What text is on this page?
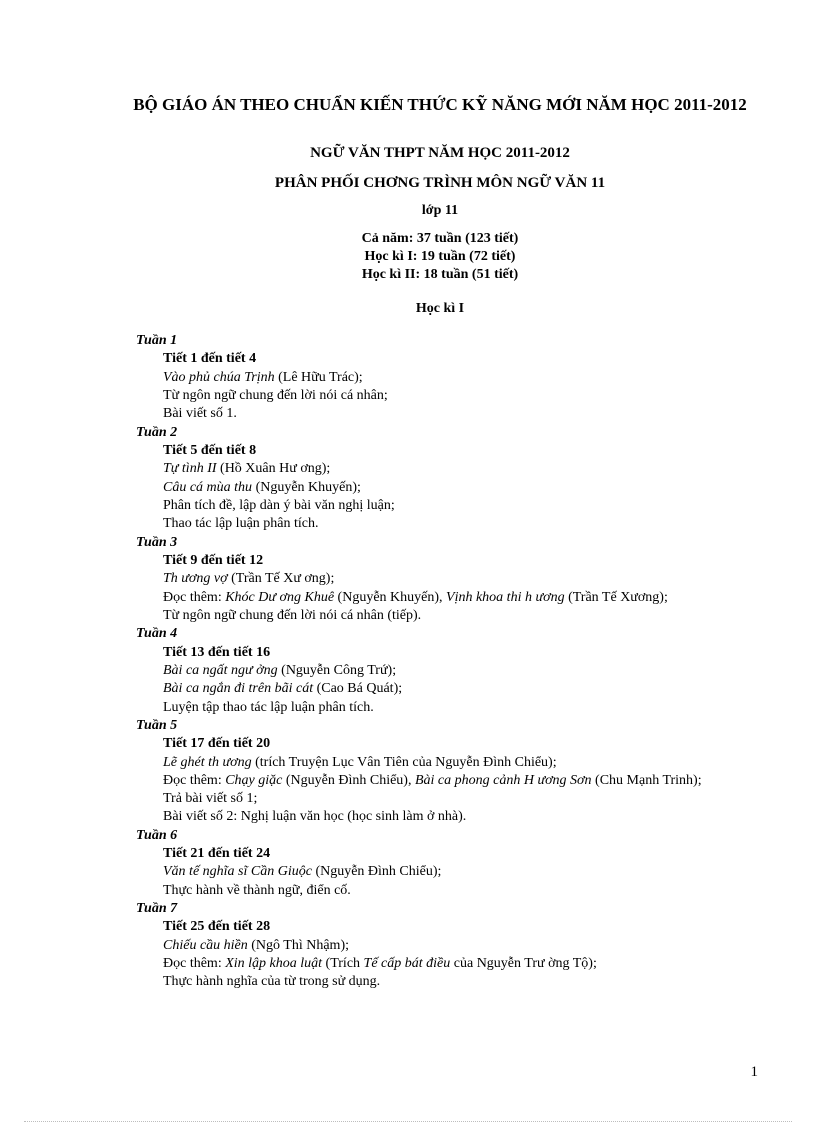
BỘ GIÁO ÁN THEO CHUẨN KIẾN THỨC KỸ NĂNG MỚI NĂM HỌC 2011-2012
NGỮ VĂN THPT NĂM HỌC 2011-2012
PHÂN PHỐI CHƠNG TRÌNH MÔN NGỮ VĂN 11
lớp 11
Cả năm: 37 tuần (123 tiết)
Học kì I: 19 tuần (72 tiết)
Học kì II: 18 tuần (51 tiết)
Học kì I
Tuần 1
Tiết 1 đến tiết 4
Vào phủ chúa Trịnh (Lê Hữu Trác);
Từ ngôn ngữ chung đến lời nói cá nhân;
Bài viết số 1.
Tuần 2
Tiết 5 đến tiết 8
Tự tình II (Hồ Xuân Hư ơng);
Câu cá mùa thu (Nguyễn Khuyến);
Phân tích đề, lập dàn ý bài văn nghị luận;
Thao tác lập luận phân tích.
Tuần 3
Tiết 9 đến tiết 12
Th ương vợ (Trần Tế Xư ơng);
Đọc thêm: Khóc Dư ơng Khuê (Nguyễn Khuyến), Vịnh khoa thi h ương (Trần Tế Xương);
Từ ngôn ngữ chung đến lời nói cá nhân (tiếp).
Tuần 4
Tiết 13 đến tiết 16
Bài ca ngất ngư ởng (Nguyễn Công Trứ);
Bài ca ngắn đi trên bãi cát (Cao Bá Quát);
Luyện tập thao tác lập luận phân tích.
Tuần 5
Tiết 17 đến tiết 20
Lẽ ghét th ương (trích Truyện Lục Vân Tiên của Nguyễn Đình Chiểu);
Đọc thêm: Chạy giặc (Nguyễn Đình Chiểu), Bài ca phong cảnh H ương Sơn (Chu Mạnh Trinh);
Trả bài viết số 1;
Bài viết số 2: Nghị luận văn học (học sinh làm ở nhà).
Tuần 6
Tiết 21 đến tiết 24
Văn tế nghĩa sĩ Cần Giuộc (Nguyễn Đình Chiểu);
Thực hành về thành ngữ, điển cố.
Tuần 7
Tiết 25 đến tiết 28
Chiếu cầu hiền (Ngô Thì Nhậm);
Đọc thêm: Xin lập khoa luật (Trích Tế cấp bát điều của Nguyễn Trư ờng Tộ);
Thực hành nghĩa của từ trong sử dụng.
1
